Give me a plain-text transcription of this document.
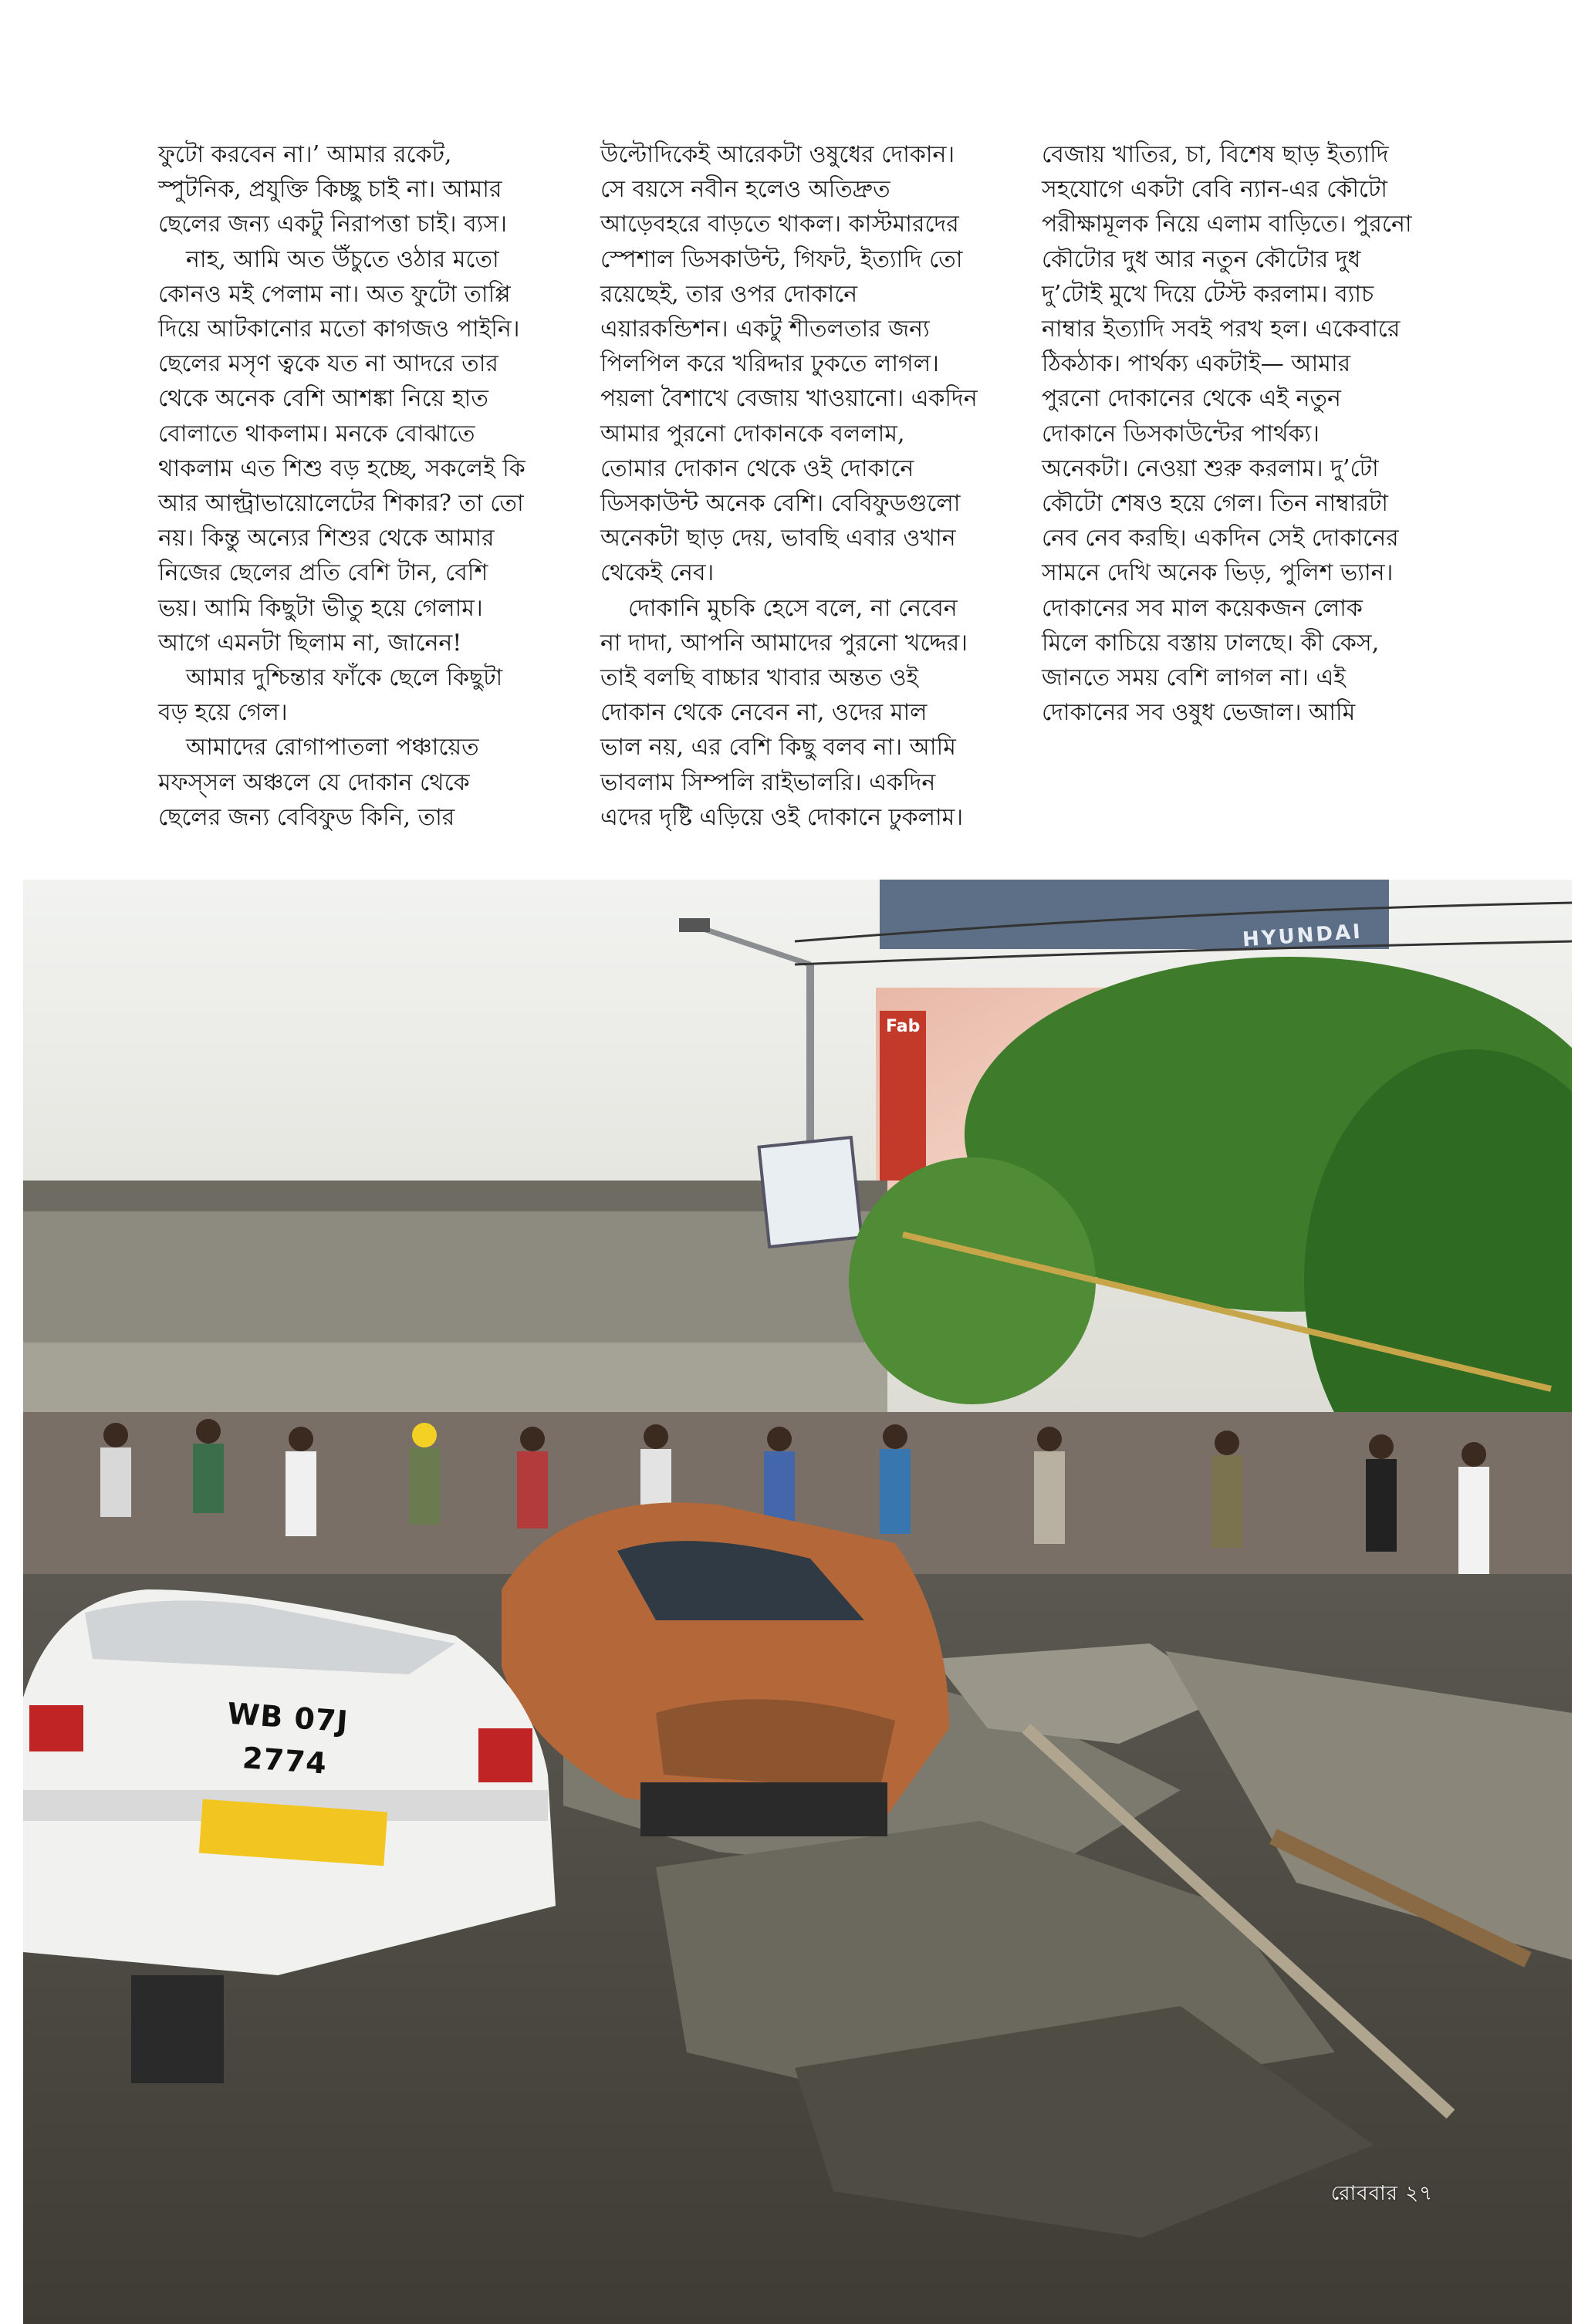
ফুটো করবেন না।’ আমার রকেট,

স্পুটনিক, প্রযুক্তি কিচ্ছু চাই না। আমার

ছেলের জন্য একটু নিরাপত্তা চাই। ব্যস।

নাহ, আমি অত উঁচুতে ওঠার মতো

কোনও মই পেলাম না। অত ফুটো তাপ্পি

দিয়ে আটকানোর মতো কাগজও পাইনি।

ছেলের মসৃণ ত্বকে যত না আদরে তার

থেকে অনেক বেশি আশঙ্কা নিয়ে হাত

বোলাতে থাকলাম। মনকে বোঝাতে

থাকলাম এত শিশু বড় হচ্ছে, সকলেই কি

আর আল্ট্রাভায়োলেটের শিকার? তা তো

নয়। কিন্তু অন্যের শিশুর থেকে আমার

নিজের ছেলের প্রতি বেশি টান, বেশি

ভয়। আমি কিছুটা ভীতু হয়ে গেলাম।

আগে এমনটা ছিলাম না, জানেন!

আমার দুশ্চিন্তার ফাঁকে ছেলে কিছুটা

বড় হয়ে গেল।

আমাদের রোগাপাতলা পঞ্চায়েত

মফস্সল অঞ্চলে যে দোকান থেকে

ছেলের জন্য বেবিফুড কিনি, তার

উল্টোদিকেই আরেকটা ওষুধের দোকান।

সে বয়সে নবীন হলেও অতিদ্রুত

আড়েবহরে বাড়তে থাকল। কাস্টমারদের

স্পেশাল ডিসকাউন্ট, গিফট, ইত্যাদি তো

রয়েছেই, তার ওপর দোকানে

এয়ারকন্ডিশন। একটু শীতলতার জন্য

পিলপিল করে খরিদ্দার ঢুকতে লাগল।

পয়লা বৈশাখে বেজায় খাওয়ানো। একদিন

আমার পুরনো দোকানকে বললাম,

তোমার দোকান থেকে ওই দোকানে

ডিসকাউন্ট অনেক বেশি। বেবিফুডগুলো

অনেকটা ছাড় দেয়, ভাবছি এবার ওখান

থেকেই নেব।

দোকানি মুচকি হেসে বলে, না নেবেন

না দাদা, আপনি আমাদের পুরনো খদ্দের।

তাই বলছি বাচ্চার খাবার অন্তত ওই

দোকান থেকে নেবেন না, ওদের মাল

ভাল নয়, এর বেশি কিছু বলব না। আমি

ভাবলাম সিম্পলি রাইভালরি। একদিন

এদের দৃষ্টি এড়িয়ে ওই দোকানে ঢুকলাম।

বেজায় খাতির, চা, বিশেষ ছাড় ইত্যাদি

সহযোগে একটা বেবি ন্যান-এর কৌটো

পরীক্ষামূলক নিয়ে এলাম বাড়িতে। পুরনো

কৌটোর দুধ আর নতুন কৌটোর দুধ

দু’টোই মুখে দিয়ে টেস্ট করলাম। ব্যাচ

নাম্বার ইত্যাদি সবই পরখ হল। একেবারে

ঠিকঠাক। পার্থক্য একটাই— আমার

পুরনো দোকানের থেকে এই নতুন

দোকানে ডিসকাউন্টের পার্থক্য।

অনেকটা। নেওয়া শুরু করলাম। দু’টো

কৌটো শেষও হয়ে গেল। তিন নাম্বারটা

নেব নেব করছি। একদিন সেই দোকানের

সামনে দেখি অনেক ভিড়, পুলিশ ভ্যান।

দোকানের সব মাল কয়েকজন লোক

মিলে কাচিয়ে বস্তায় ঢালছে। কী কেস,

জানতে সময় বেশি লাগল না। এই

দোকানের সব ওষুধ ভেজাল। আমি

WB 07J 2774
HYUNDAI
Fab
রোববার ২৭
